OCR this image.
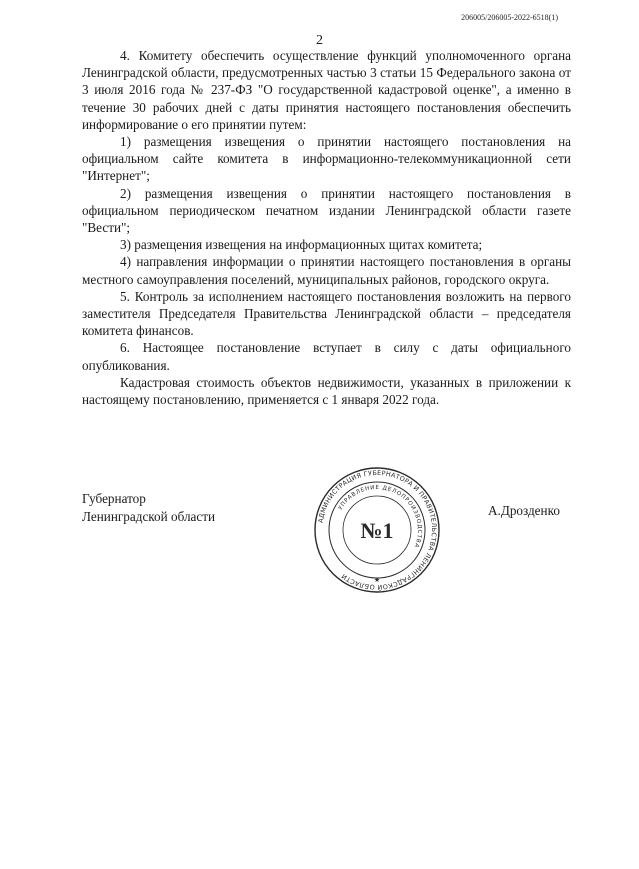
206005/206005-2022-6518(1)
2

4. Комитету обеспечить осуществление функций уполномоченного органа Ленинградской области, предусмотренных частью 3 статьи 15 Федерального закона от 3 июля 2016 года № 237-ФЗ "О государственной кадастровой оценке", а именно в течение 30 рабочих дней с даты принятия настоящего постановления обеспечить информирование о его принятии путем:

1) размещения извещения о принятии настоящего постановления на официальном сайте комитета в информационно-телекоммуникационной сети "Интернет";

2) размещения извещения о принятии настоящего постановления в официальном периодическом печатном издании Ленинградской области газете "Вести";

3) размещения извещения на информационных щитах комитета;

4) направления информации о принятии настоящего постановления в органы местного самоуправления поселений, муниципальных районов, городского округа.

5. Контроль за исполнением настоящего постановления возложить на первого заместителя Председателя Правительства Ленинградской области – председателя комитета финансов.

6. Настоящее постановление вступает в силу с даты официального опубликования.

Кадастровая стоимость объектов недвижимости, указанных в приложении к настоящему постановлению, применяется с 1 января 2022 года.

Губернатор
Ленинградской области	А.Дрозденко
АДМИНИСТРАЦИЯ ГУБЕРНАТОРА И ПРАВИТЕЛЬСТВА ЛЕНИНГРАДСКОЙ ОБЛАСТИ
УПРАВЛЕНИЕ ДЕЛОПРОИЗВОДСТВА
№1
★
